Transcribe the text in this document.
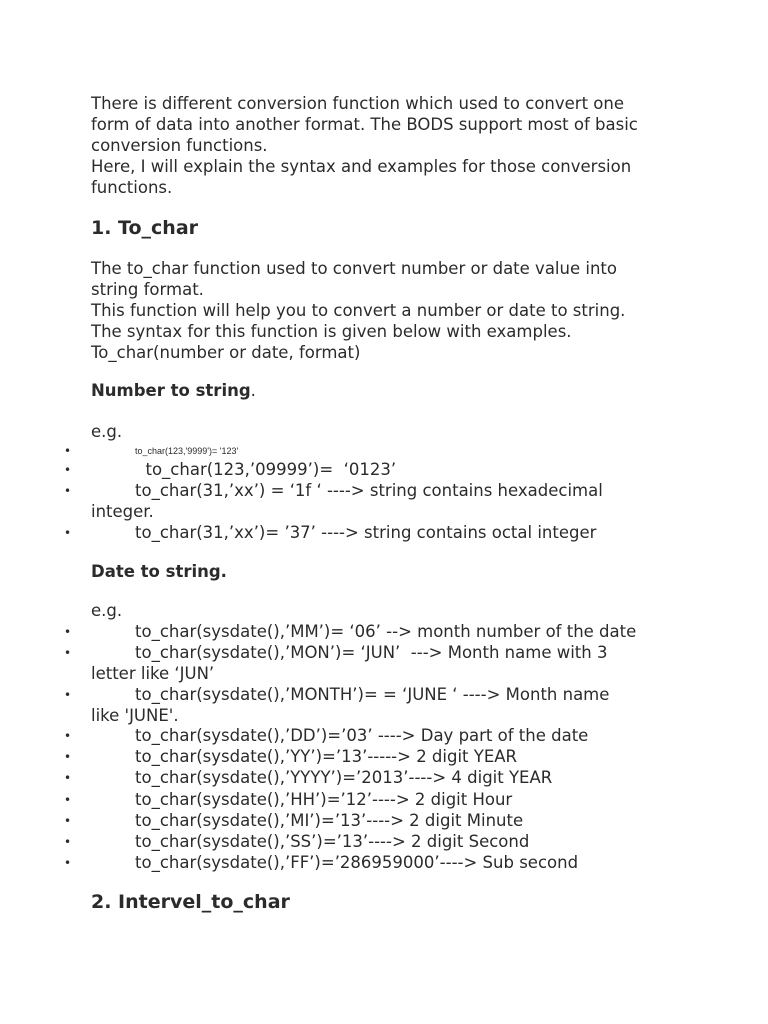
There is different conversion function which used to convert one
form of data into another format. The BODS support most of basic
conversion functions.
Here, I will explain the syntax and examples for those conversion
functions.
1. To_char
The to_char function used to convert number or date value into
string format.
This function will help you to convert a number or date to string.
The syntax for this function is given below with examples.
To_char(number or date, format)
Number to string.
e.g.
•	to_char(123,'9999')= '123'
•	to_char(123,’09999’)=  ‘0123’
•	to_char(31,’xx’) = ‘1f ‘ ----> string contains hexadecimal
integer.
•	to_char(31,’xx’)= ’37’ ----> string contains octal integer
Date to string.
e.g.
•	to_char(sysdate(),’MM’)= ‘06’ --> month number of the date
•	to_char(sysdate(),’MON’)= ‘JUN’  ---> Month name with 3
letter like ‘JUN’
•	to_char(sysdate(),’MONTH’)= = ‘JUNE ‘ ----> Month name
like 'JUNE'.
•	to_char(sysdate(),’DD’)=’03’ ----> Day part of the date
•	to_char(sysdate(),’YY’)=’13’-----> 2 digit YEAR
•	to_char(sysdate(),’YYYY’)=’2013’----> 4 digit YEAR
•	to_char(sysdate(),’HH’)=’12’----> 2 digit Hour
•	to_char(sysdate(),’MI’)=’13’----> 2 digit Minute
•	to_char(sysdate(),’SS’)=’13’----> 2 digit Second
•	to_char(sysdate(),’FF’)=’286959000’----> Sub second
2. Intervel_to_char
